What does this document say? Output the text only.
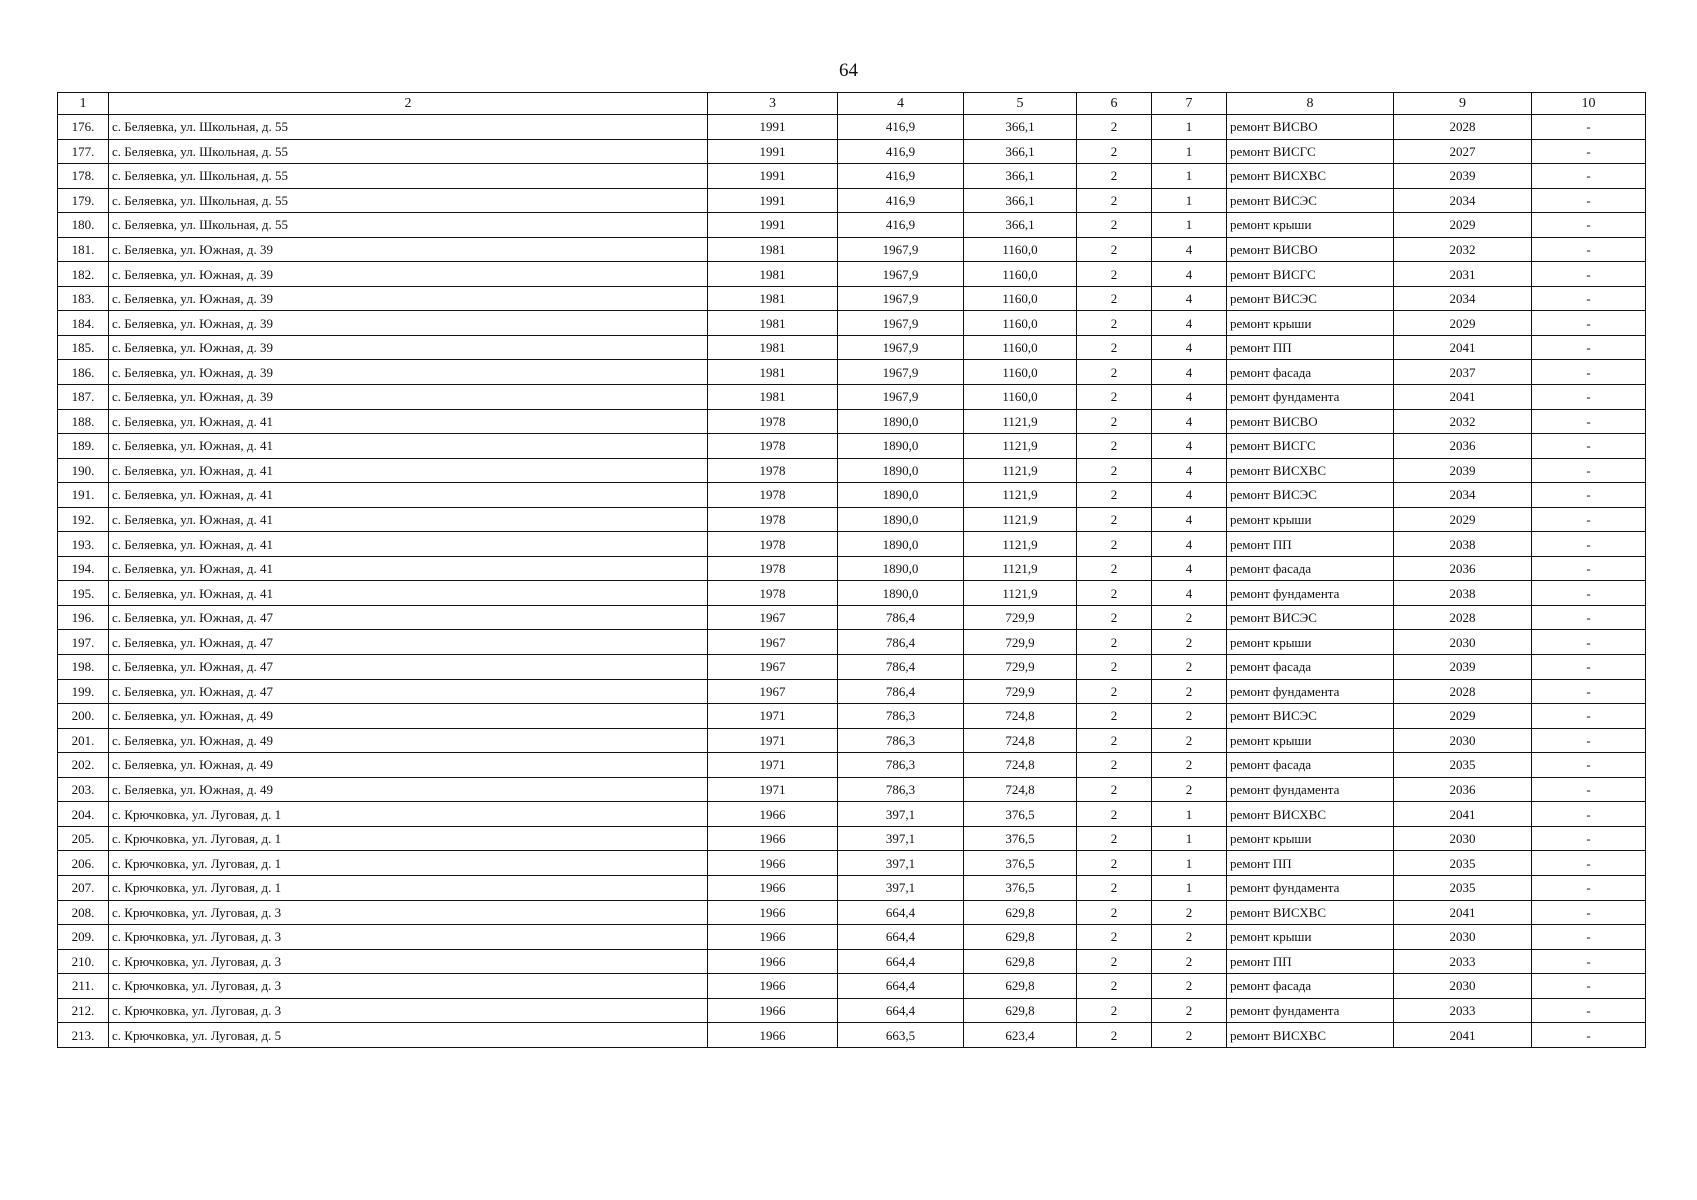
64
1	2	3	4	5	6	7	8	9	10
176.	с. Беляевка, ул. Школьная, д. 55	1991	416,9	366,1	2	1	ремонт ВИСВО	2028	-
177.	с. Беляевка, ул. Школьная, д. 55	1991	416,9	366,1	2	1	ремонт ВИСГС	2027	-
178.	с. Беляевка, ул. Школьная, д. 55	1991	416,9	366,1	2	1	ремонт ВИСХВС	2039	-
179.	с. Беляевка, ул. Школьная, д. 55	1991	416,9	366,1	2	1	ремонт ВИСЭС	2034	-
180.	с. Беляевка, ул. Школьная, д. 55	1991	416,9	366,1	2	1	ремонт крыши	2029	-
181.	с. Беляевка, ул. Южная, д. 39	1981	1967,9	1160,0	2	4	ремонт ВИСВО	2032	-
182.	с. Беляевка, ул. Южная, д. 39	1981	1967,9	1160,0	2	4	ремонт ВИСГС	2031	-
183.	с. Беляевка, ул. Южная, д. 39	1981	1967,9	1160,0	2	4	ремонт ВИСЭС	2034	-
184.	с. Беляевка, ул. Южная, д. 39	1981	1967,9	1160,0	2	4	ремонт крыши	2029	-
185.	с. Беляевка, ул. Южная, д. 39	1981	1967,9	1160,0	2	4	ремонт ПП	2041	-
186.	с. Беляевка, ул. Южная, д. 39	1981	1967,9	1160,0	2	4	ремонт фасада	2037	-
187.	с. Беляевка, ул. Южная, д. 39	1981	1967,9	1160,0	2	4	ремонт фундамента	2041	-
188.	с. Беляевка, ул. Южная, д. 41	1978	1890,0	1121,9	2	4	ремонт ВИСВО	2032	-
189.	с. Беляевка, ул. Южная, д. 41	1978	1890,0	1121,9	2	4	ремонт ВИСГС	2036	-
190.	с. Беляевка, ул. Южная, д. 41	1978	1890,0	1121,9	2	4	ремонт ВИСХВС	2039	-
191.	с. Беляевка, ул. Южная, д. 41	1978	1890,0	1121,9	2	4	ремонт ВИСЭС	2034	-
192.	с. Беляевка, ул. Южная, д. 41	1978	1890,0	1121,9	2	4	ремонт крыши	2029	-
193.	с. Беляевка, ул. Южная, д. 41	1978	1890,0	1121,9	2	4	ремонт ПП	2038	-
194.	с. Беляевка, ул. Южная, д. 41	1978	1890,0	1121,9	2	4	ремонт фасада	2036	-
195.	с. Беляевка, ул. Южная, д. 41	1978	1890,0	1121,9	2	4	ремонт фундамента	2038	-
196.	с. Беляевка, ул. Южная, д. 47	1967	786,4	729,9	2	2	ремонт ВИСЭС	2028	-
197.	с. Беляевка, ул. Южная, д. 47	1967	786,4	729,9	2	2	ремонт крыши	2030	-
198.	с. Беляевка, ул. Южная, д. 47	1967	786,4	729,9	2	2	ремонт фасада	2039	-
199.	с. Беляевка, ул. Южная, д. 47	1967	786,4	729,9	2	2	ремонт фундамента	2028	-
200.	с. Беляевка, ул. Южная, д. 49	1971	786,3	724,8	2	2	ремонт ВИСЭС	2029	-
201.	с. Беляевка, ул. Южная, д. 49	1971	786,3	724,8	2	2	ремонт крыши	2030	-
202.	с. Беляевка, ул. Южная, д. 49	1971	786,3	724,8	2	2	ремонт фасада	2035	-
203.	с. Беляевка, ул. Южная, д. 49	1971	786,3	724,8	2	2	ремонт фундамента	2036	-
204.	с. Крючковка, ул. Луговая, д. 1	1966	397,1	376,5	2	1	ремонт ВИСХВС	2041	-
205.	с. Крючковка, ул. Луговая, д. 1	1966	397,1	376,5	2	1	ремонт крыши	2030	-
206.	с. Крючковка, ул. Луговая, д. 1	1966	397,1	376,5	2	1	ремонт ПП	2035	-
207.	с. Крючковка, ул. Луговая, д. 1	1966	397,1	376,5	2	1	ремонт фундамента	2035	-
208.	с. Крючковка, ул. Луговая, д. 3	1966	664,4	629,8	2	2	ремонт ВИСХВС	2041	-
209.	с. Крючковка, ул. Луговая, д. 3	1966	664,4	629,8	2	2	ремонт крыши	2030	-
210.	с. Крючковка, ул. Луговая, д. 3	1966	664,4	629,8	2	2	ремонт ПП	2033	-
211.	с. Крючковка, ул. Луговая, д. 3	1966	664,4	629,8	2	2	ремонт фасада	2030	-
212.	с. Крючковка, ул. Луговая, д. 3	1966	664,4	629,8	2	2	ремонт фундамента	2033	-
213.	с. Крючковка, ул. Луговая, д. 5	1966	663,5	623,4	2	2	ремонт ВИСХВС	2041	-
